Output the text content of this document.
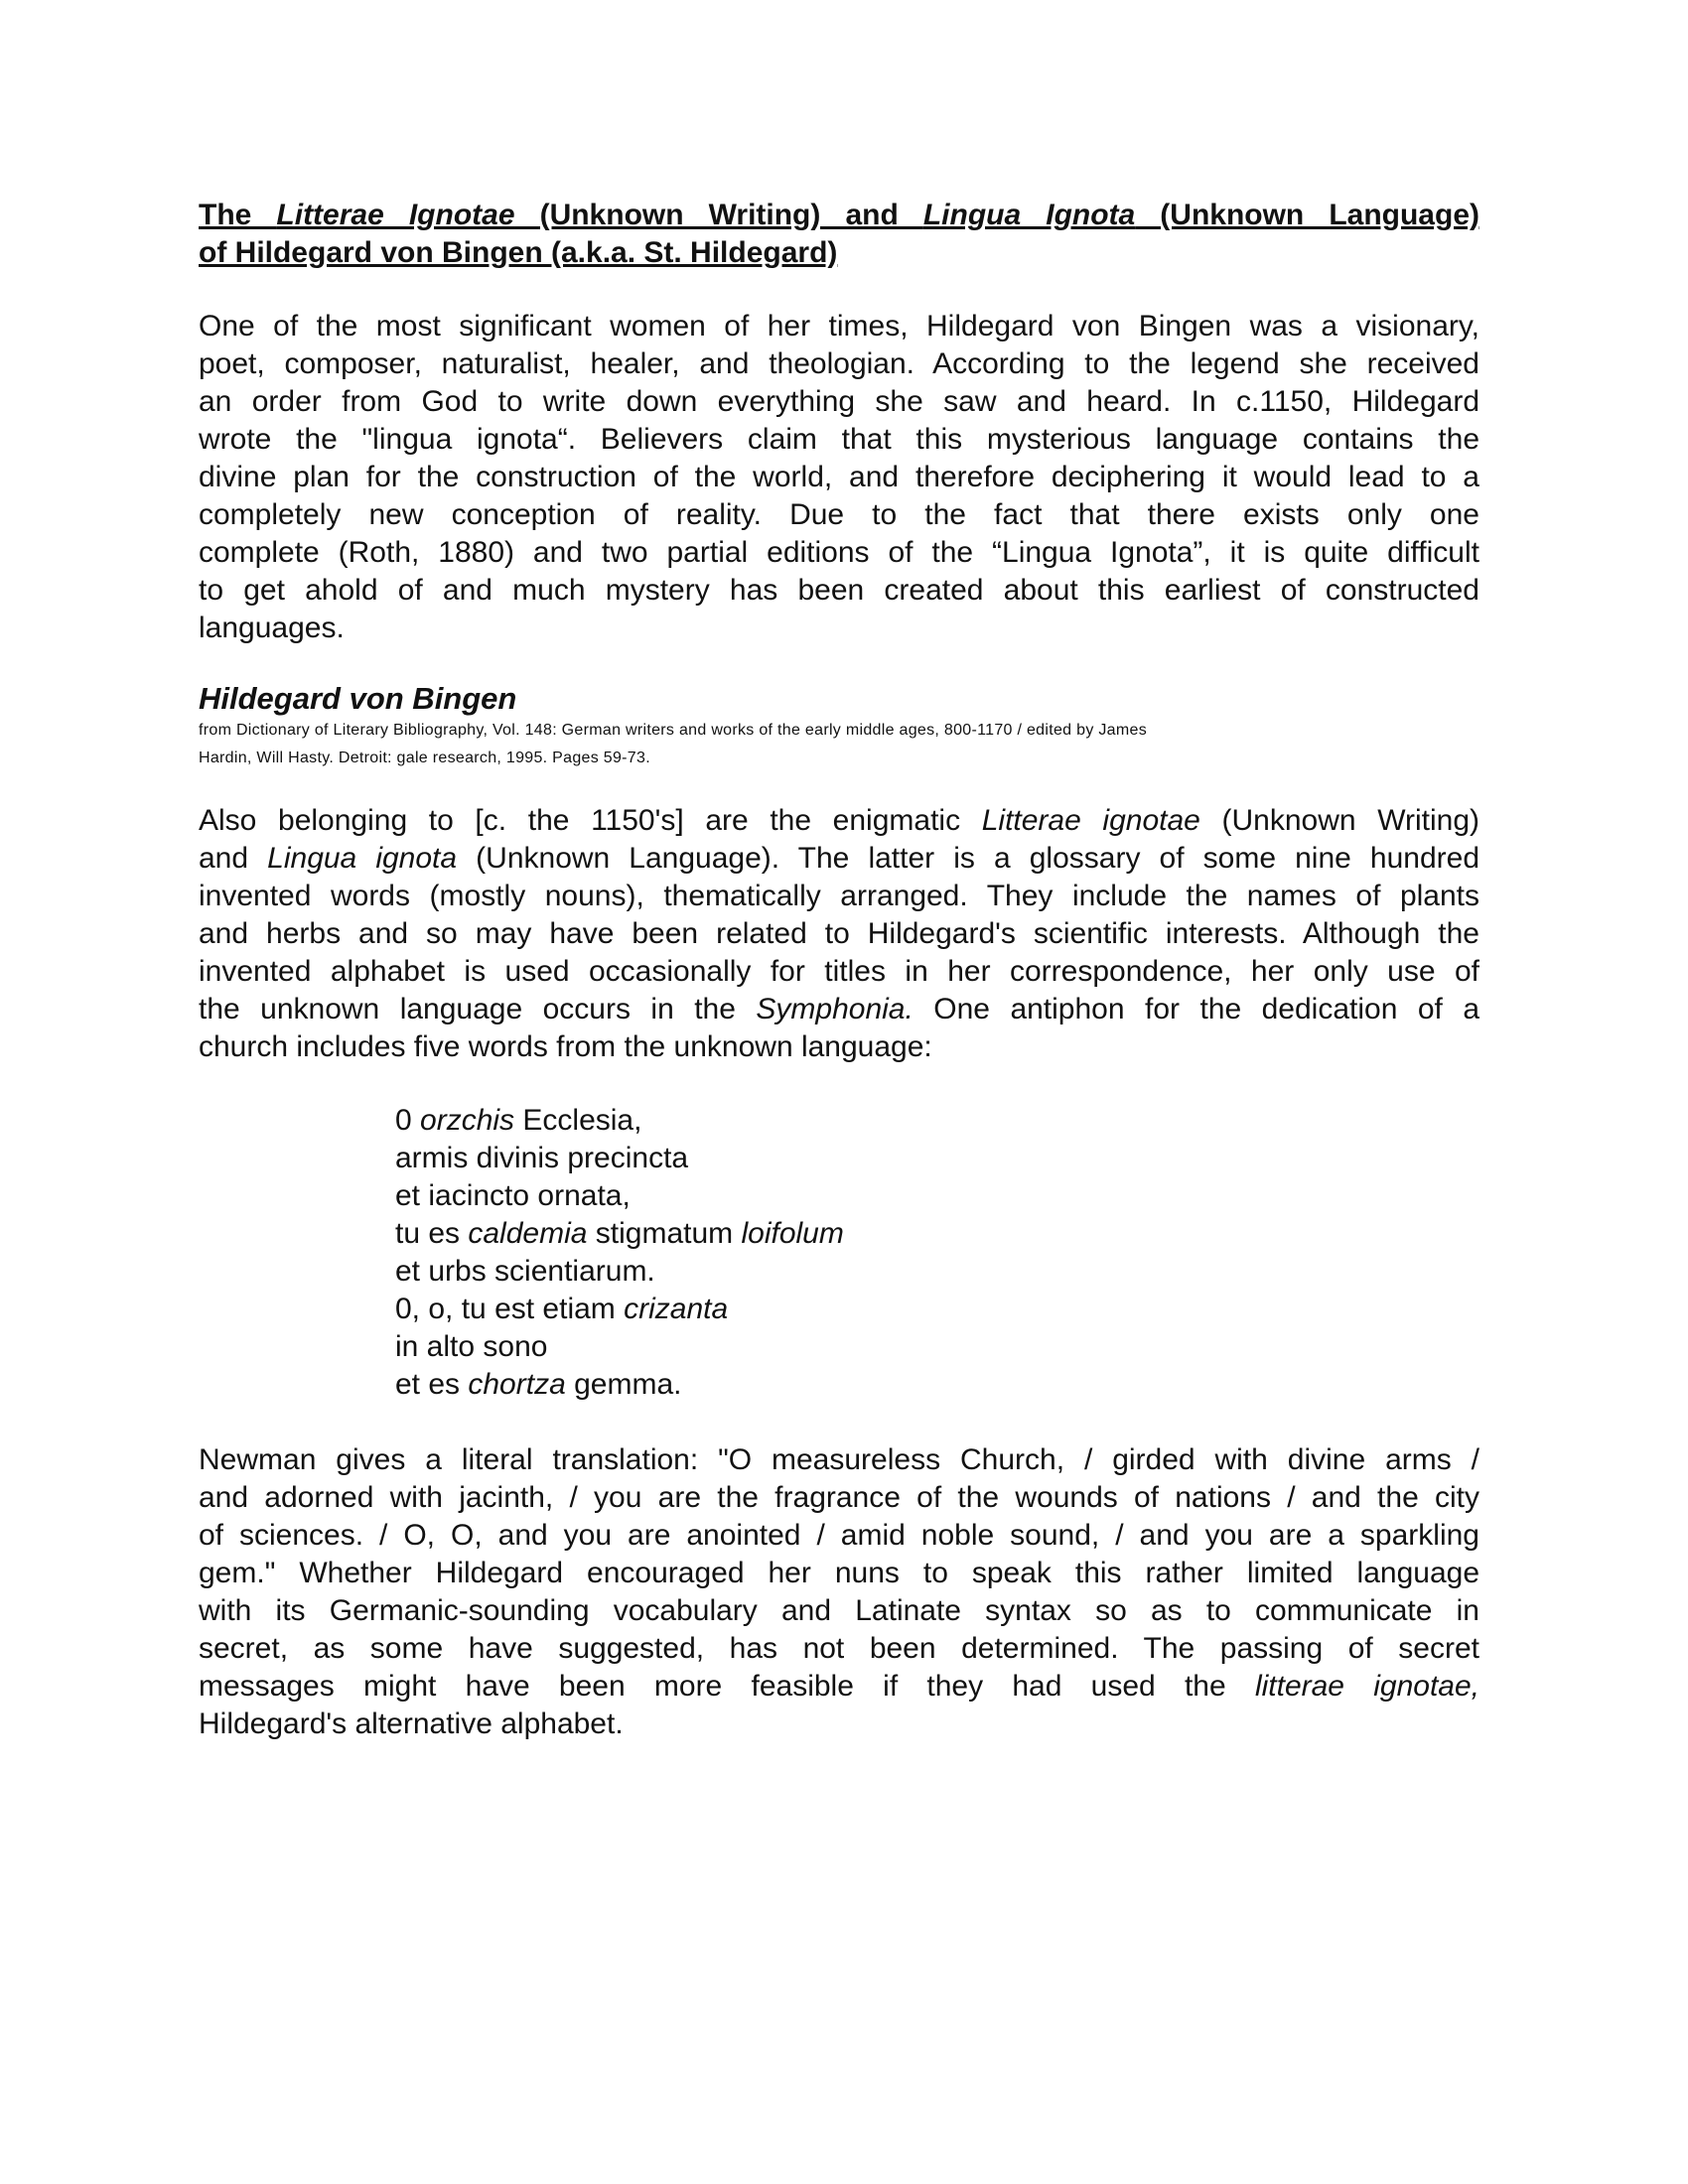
The Litterae Ignotae (Unknown Writing) and Lingua Ignota (Unknown Language)
of Hildegard von Bingen (a.k.a. St. Hildegard)

One of the most significant women of her times, Hildegard von Bingen was a visionary,
poet, composer, naturalist, healer, and theologian. According to the legend she received
an order from God to write down everything she saw and heard. In c.1150, Hildegard
wrote the "lingua ignota“. Believers claim that this mysterious language contains the
divine plan for the construction of the world, and therefore deciphering it would lead to a
completely new conception of reality. Due to the fact that there exists only one
complete (Roth, 1880) and two partial editions of the “Lingua Ignota”, it is quite difficult
to get ahold of and much mystery has been created about this earliest of constructed
languages.

Hildegard von Bingen

from Dictionary of Literary Bibliography, Vol. 148: German writers and works of the early middle ages, 800-1170 / edited by James
Hardin, Will Hasty. Detroit: gale research, 1995. Pages 59-73.

Also belonging to [c. the 1150's] are the enigmatic Litterae ignotae (Unknown Writing)
and Lingua ignota (Unknown Language). The latter is a glossary of some nine hundred
invented words (mostly nouns), thematically arranged. They include the names of plants
and herbs and so may have been related to Hildegard's scientific interests. Although the
invented alphabet is used occasionally for titles in her correspondence, her only use of
the unknown language occurs in the Symphonia. One antiphon for the dedication of a
church includes five words from the unknown language:

0 orzchis Ecclesia,
armis divinis precincta
et iacincto ornata,
tu es caldemia stigmatum loifolum
et urbs scientiarum.
0, o, tu est etiam crizanta
in alto sono
et es chortza gemma.

Newman gives a literal translation: "O measureless Church, / girded with divine arms /
and adorned with jacinth, / you are the fragrance of the wounds of nations / and the city
of sciences. / O, O, and you are anointed / amid noble sound, / and you are a sparkling
gem." Whether Hildegard encouraged her nuns to speak this rather limited language
with its Germanic-sounding vocabulary and Latinate syntax so as to communicate in
secret, as some have suggested, has not been determined. The passing of secret
messages might have been more feasible if they had used the litterae ignotae,
Hildegard's alternative alphabet.
